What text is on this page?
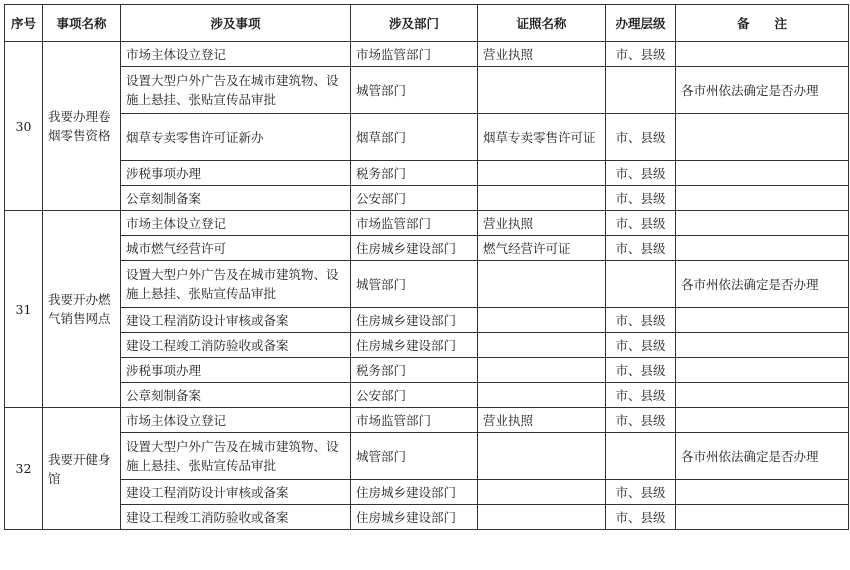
序号	事项名称	涉及事项	涉及部门	证照名称	办理层级	备　　注
30	我要办理卷烟零售资格	市场主体设立登记	市场监管部门	营业执照	市、县级	
		设置大型户外广告及在城市建筑物、设施上悬挂、张贴宣传品审批	城管部门			各市州依法确定是否办理
		烟草专卖零售许可证新办	烟草部门	烟草专卖零售许可证	市、县级	
		涉税事项办理	税务部门		市、县级	
		公章刻制备案	公安部门		市、县级	
31	我要开办燃气销售网点	市场主体设立登记	市场监管部门	营业执照	市、县级	
		城市燃气经营许可	住房城乡建设部门	燃气经营许可证	市、县级	
		设置大型户外广告及在城市建筑物、设施上悬挂、张贴宣传品审批	城管部门			各市州依法确定是否办理
		建设工程消防设计审核或备案	住房城乡建设部门		市、县级	
		建设工程竣工消防验收或备案	住房城乡建设部门		市、县级	
		涉税事项办理	税务部门		市、县级	
		公章刻制备案	公安部门		市、县级	
32	我要开健身馆	市场主体设立登记	市场监管部门	营业执照	市、县级	
		设置大型户外广告及在城市建筑物、设施上悬挂、张贴宣传品审批	城管部门			各市州依法确定是否办理
		建设工程消防设计审核或备案	住房城乡建设部门		市、县级	
		建设工程竣工消防验收或备案	住房城乡建设部门		市、县级	
